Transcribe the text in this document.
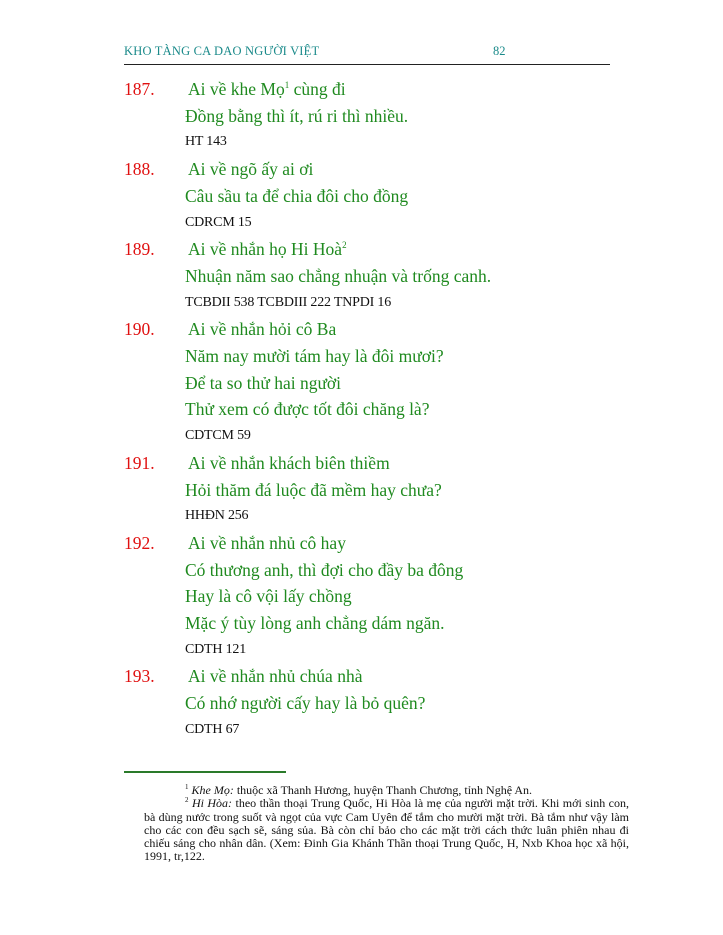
KHO TÀNG CA DAO NGƯỜI VIỆT	82
187. Ai về khe Mọ$^1$ cùng đi
Đồng bằng thì ít, rú ri thì nhiều.
HT 143
188. Ai về ngõ ấy ai ơi
Câu sầu ta để chia đôi cho đồng
CDRCM 15
189. Ai về nhắn họ Hi Hoà$^2$
Nhuận năm sao chẳng nhuận và trống canh.
TCBDII 538 TCBDIII 222 TNPDI 16
190. Ai về nhắn hỏi cô Ba
Năm nay mười tám hay là đôi mươi?
Để ta so thử hai người
Thử xem có được tốt đôi chăng là?
CDTCM 59
191. Ai về nhắn khách biên thiềm
Hỏi thăm đá luộc đã mềm hay chưa?
HHĐN 256
192. Ai về nhắn nhủ cô hay
Có thương anh, thì đợi cho đầy ba đông
Hay là cô vội lấy chồng
Mặc ý tùy lòng anh chẳng dám ngăn.
CDTH 121
193. Ai về nhắn nhủ chúa nhà
Có nhớ người cấy hay là bỏ quên?
CDTH 67

$^1$ Khe Mọ: thuộc xã Thanh Hương, huyện Thanh Chương, tỉnh Nghệ An.

$^2$ Hi Hòa: theo thần thoại Trung Quốc, Hi Hòa là mẹ của người mặt trời. Khi mới sinh con, bà dùng nước trong suốt và ngọt của vực Cam Uyên để tắm cho mười mặt trời. Bà tắm như vậy làm cho các con đều sạch sẽ, sáng sủa. Bà còn chỉ bảo cho các mặt trời cách thức luân phiên nhau đi chiếu sáng cho nhân dân. (Xem: Đinh Gia Khánh Thần thoại Trung Quốc, H, Nxb Khoa học xã hội, 1991, tr,122.
